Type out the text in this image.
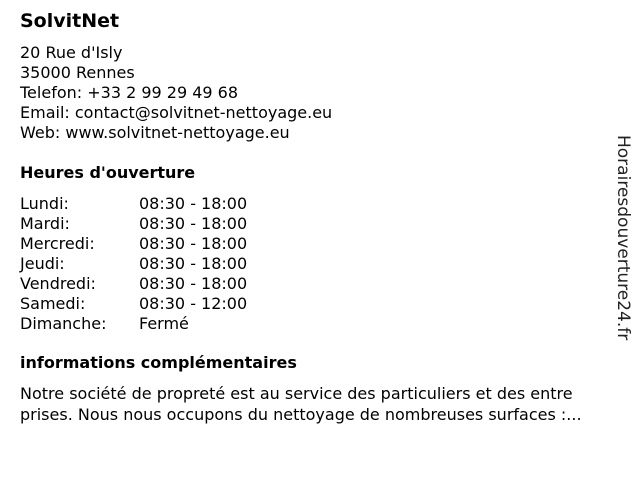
SolvitNet
20 Rue d'Isly
35000 Rennes
Telefon: +33 2 99 29 49 68
Email: contact@solvitnet-nettoyage.eu
Web: www.solvitnet-nettoyage.eu
Heures d'ouverture
Lundi:	08:30 - 18:00
Mardi:	08:30 - 18:00
Mercredi:	08:30 - 18:00
Jeudi:	08:30 - 18:00
Vendredi:	08:30 - 18:00
Samedi:	08:30 - 12:00
Dimanche:	Fermé
informations complémentaires
Notre société de propreté est au service des particuliers et des entre
prises. Nous nous occupons du nettoyage de nombreuses surfaces :...
Horairesdouverture24.fr
